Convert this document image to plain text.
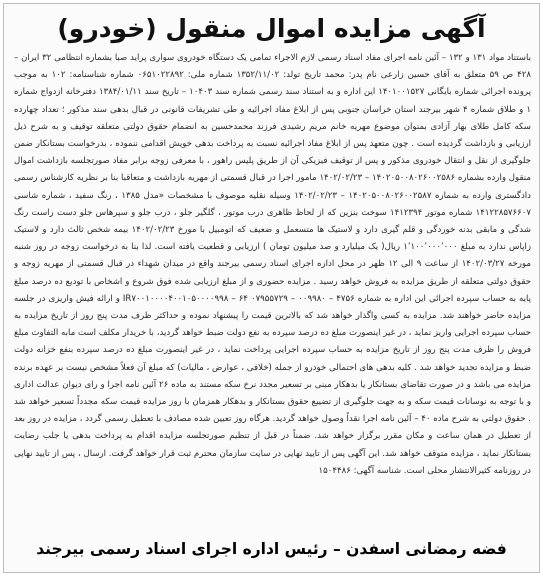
آگهی مزایده اموال منقول (خودرو)
باستناد مواد ۱۳۱ و ۱۳۲ – آئین نامه اجرای مفاد اسناد رسمی لازم الاجراء تمامی یک دستگاه خودروی سواری پراید صبا بشماره انتظامی ۳۲ ایران – ۴۲۸ ص ۵۹ متعلق به آقای حسین زارعی نام پدر: محمد تاریخ تولد: ۱۳۵۲/۱۱/۰۲ شماره ملی: ۰۶۵۱۰۲۲۸۹۲ شماره شناسنامه: ۱۰۲ به موجب پرونده اجرائی شماره بایگانی ۱۴۰۱۰۰۱۵۲۷ این اداره و به استناد سند رسمی شماره سند ۱۰۴۰۳ – تاریخ سند ۱۳۸۴/۰۱/۱۱ دفترخانه ازدواج شماره ۱ و طلاق شماره ۴ شهر بیرجند استان خراسان جنوبی پس از ابلاغ مفاد اجرائیه و طی تشریفات قانونی در قبال بدهی سند مذکور ؛ تعداد چهارده سکه کامل طلای بهار آزادی بمنوان موضوع مهریه خانم مریم رشیدی فرزند محمدحسین به انضمام حقوق دولتی متعلقه توقیف و به شرح ذیل ارزیابی و بازداشت گردیده است . چون متعهد پس از ابلاغ مفاد اجرائیه نسبت به پرداخت بدهی خویش اقدامی ننموده ، بدرخواست بستانکار ضمن جلوگیری از نقل و انتقال خودروی مذکور و پس از توقیف فیزیکی آن از طریق پلیس راهور ، با معرفی زوجه برابر مفاد صورتجلسه بازداشت اموال منقول وارده بشماره ۱۴۰۲۰۵۰۰۸۰۲۶۰۰۲۵۸۶ – ۱۴۰۲/۰۲/۲۳ مامور اجرا در قبال قسمتی از مهریه بازداشت و متعاقبا بنا بر نظریه کارشناس رسمی دادگستری وارده به شماره ۱۴۰۲۰۵۰۰۸۰۲۶۰۰۲۵۸۷ – ۱۴۰۲/۰۲/۲۳ وسیله نقلیه موصوف با مشخصات «مدل ۱۳۸۵ ، رنگ سفید ، شماره شاسی ۱۴۱۲۲۸۵۷۶۶۰۷ شماره موتور ۱۴۱۲۳۹۴ سوخت بنزین که از لحاظ ظاهری درب موتور ، گلگیر جلو ، درب جلو و سپرهاس جلو دست راست رنگ شدگی و مابقی بدنه خوردگی و قلم گیری دارد و لاستیک ها متسعمل و ضعیف که اتومبیل با مورخ ۱۴۰۲/۰۲/۲۳ بیمه شخص ثالث دارد و لاستیک زاپاس ندارد به مبلغ ۱٬۱۰۰٬۰۰۰٬۰۰۰ ریال( یک میلیارد و صد میلیون تومان ) ارزیابی و قطعیت یافته است. لذا بنا به درخواست زوجه در روز شنبه مورخه ۱۴۰۲/۰۳/۲۷ از ساعت ۹ الی ۱۲ ظهر در محل اداره اجرای اسناد رسمی بیرجند واقع در میدان شهداء در قبال قسمتی از مهریه زوجه و حقوق دولتی متعلقه از طریق مزایده به فروش خواهد رسید . مزایده حضوری و از مبلغ ارزیابی شده فوق شروع و اشخاص با تودیع ده درصد مبلغ پایه به حساب سپرده اجرائی این اداره به شماره IR۷۰۰۱۰۰۰۰۴۰۰۱۰۵۰۰۰۰۹۹۸ – ۶۴ ۰۷۹۵۵۷۲۹ – ۰۰۹۹۸۰ – ۴۷۵۶ و ارائه فیش واریزی در جلسه مزایده حاضر خواهند شد. مزایده به کسی واگذار خواهد شد که بالاترین قیمت را پیشنهاد نموده و حداکثر ظرف مدت پنج روز از تاریخ مزایده به حساب سپرده اجرایی واریز نماید ، در غیر اینصورت مبلغ ده درصد سپرده به نفع دولت ضبط خواهد گردید، با خریدار مکلف است مابه التفاوت مبلغ فروش را ظرف مدت پنج روز از تاریخ مزایده به حساب سپرده اجرایی پرداخت نماید ، در غیر اینصورت مبلغ ده درصد سپرده بنفع خزانه دولت ضبط و مزایده تجدید خواهد شد . کلیه بدهی های احتمالی خودرو از جمله (خلافی ، عوارض ، مالیات) که مبلغ آن فعلاً مشخص نیست بر عهده برنده مزایده می باشد و در صورت تقاضای بستانکار یا بدهکار مبنی بر تسعیر مجدد نرخ سکه مستند به ماده ۲۶ آئین نامه اجرا و رای دیوان عدالت اداری و با توجه به نوسانات قیمت سکه و به جهت جلوگیری از تضییع حقوق بستانکار و بدهکار همزمان با روز مزایده قیمت سکه مجدداً تسعیر خواهد شد . حقوق دولتی به شرح ماده ۴۰ – آئین نامه اجرا نقداً وصول خواهد گردید. هرگاه روز تعیین شده مصادف با تعطیل رسمی گردد ، مزایده در روز بعد از تعطیل در همان ساعت و مکان مقرر برگزار خواهد شد. ضمناً در قبل از تنظیم صورتجلسه مزایده اقدام به پرداخت بدهی یا جلب رضایت بستانکار نماید ، مزایده متوقف خواهد شد. این آگهی پس از تایید نهایی در سایت سازمان محترم ثبت قرار خواهد گرفت. ارسال ، پس از تایید نهایی در روزنامه کثیرالانتشار محلی است. شناسه آگهی: ۱۵۰۴۴۸۶
فضه رمضانی اسفدن – رئیس اداره اجرای اسناد رسمی بیرجند
